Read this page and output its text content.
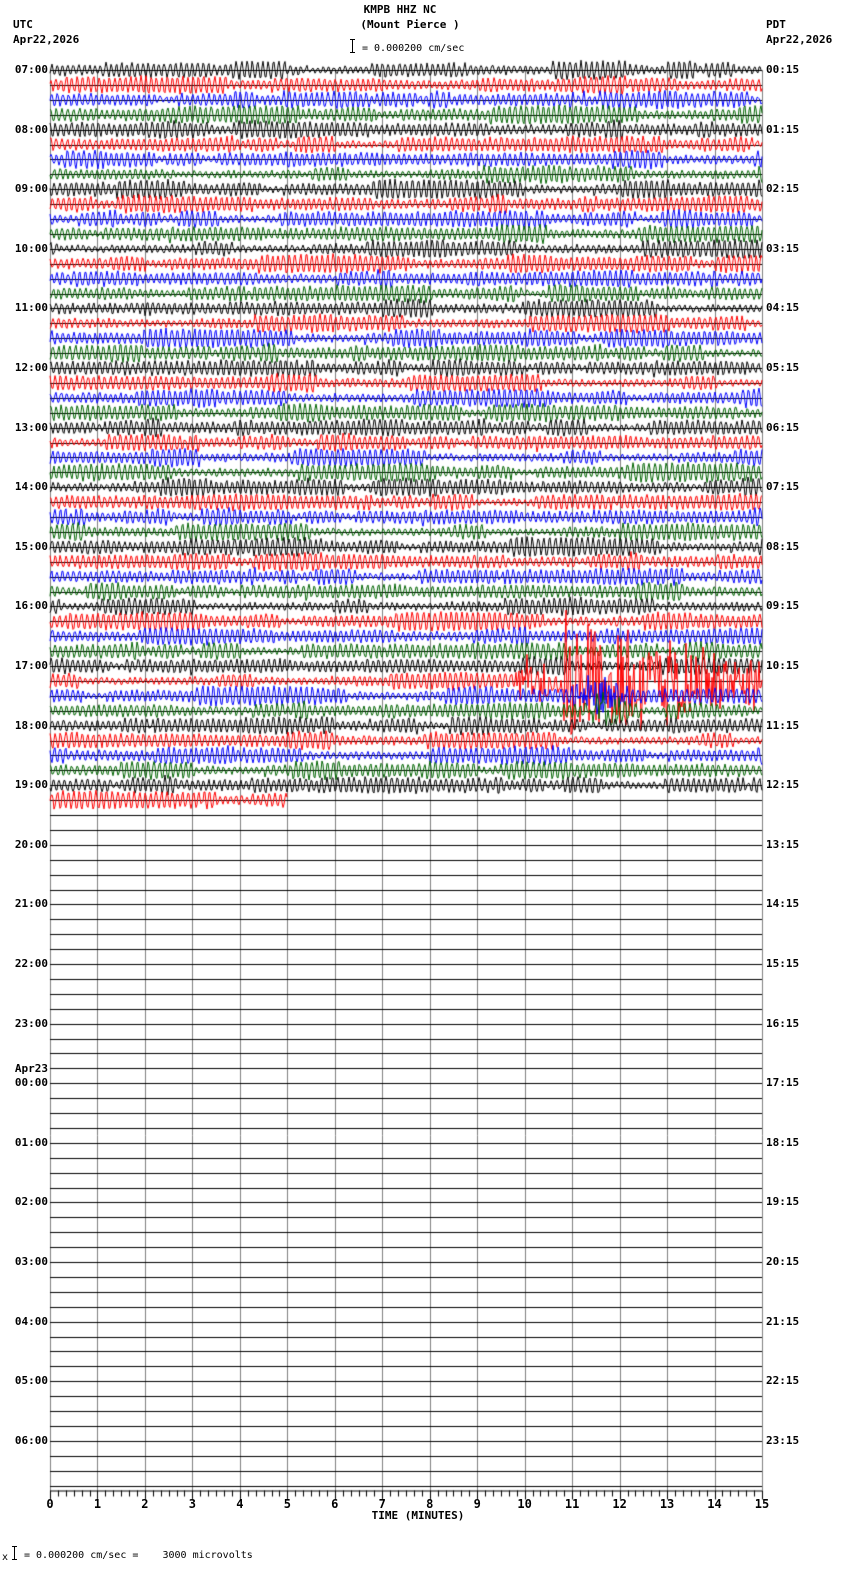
KMPB HHZ NC
(Mount Pierce )
= 0.000200 cm/sec
UTC
Apr22,2026
PDT
Apr22,2026
07:00
08:00
09:00
10:00
11:00
12:00
13:00
14:00
15:00
16:00
17:00
18:00
19:00
20:00
21:00
22:00
23:00
Apr23
00:00
01:00
02:00
03:00
04:00
05:00
06:00
00:15
01:15
02:15
03:15
04:15
05:15
06:15
07:15
08:15
09:15
10:15
11:15
12:15
13:15
14:15
15:15
16:15
17:15
18:15
19:15
20:15
21:15
22:15
23:15
0	1	2	3	4	5	6	7	8	9	10	11	12	13	14	15
TIME (MINUTES)
x = 0.000200 cm/sec =    3000 microvolts
